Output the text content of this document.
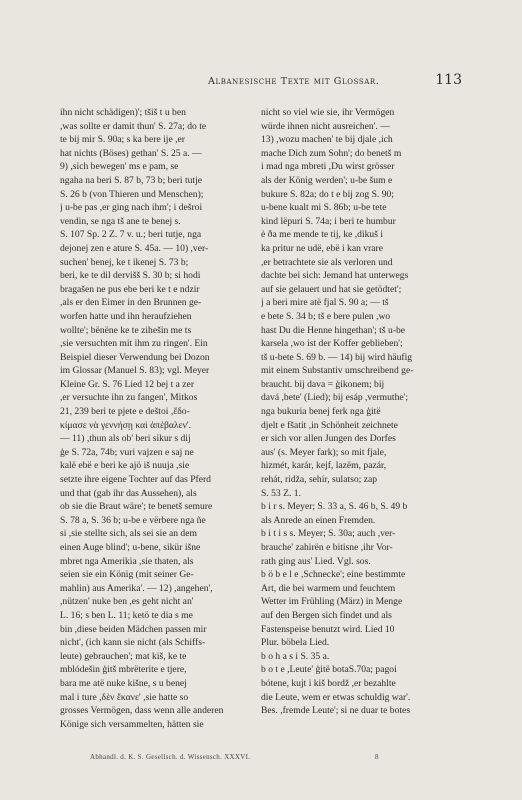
Albanesische Texte mit Glossar.	113
ihn nicht schädigen)'; tšiš t u ben
,was sollte er damit thun' S. 27a; do te
te bij mir S. 90a; s ka bere ije ,er
hat nichts (Böses) gethan' S. 25 a. —
9) ,sich bewegen' ms e pam, se
ngaha na beri S. 87 b, 73 b; beri tutje
S. 26 b (von Thieren und Menschen);
j u-be pas ,er ging nach ihm'; i dešroi
vendin, se nga tš ane te benej s.
S. 107 Sp. 2 Z. 7 v. u.; beri tutje, nga
dejonej zen e ature S. 45a. — 10) ,ver-
suchen' benej, ke t ikenej S. 73 b;
beri, ke te dil dervišš S. 30 b; si hodi
bragašen ne pus ebe beri ke t e ndzir
,als er den Eimer in den Brunnen ge-
worfen hatte und ihn heraufziehen
wollte'; bënëne ke te zihešin me ts
,sie versuchten mit ihm zu ringen'. Ein
Beispiel dieser Verwendung bei Dozon
im Glossar (Manuel S. 83); vgl. Meyer
Kleine Gr. S. 76 Lied 12 bej t a zer
,er versuchte ihn zu fangen', Mitkos
21, 239 beri te pjete e deštoi ,ἔδο-
κίμασε νὰ γεννήσῃ καὶ ἀπέβαλεν'.
— 11) ,thun als ob' beri sikur s dij
ģe S. 72a, 74b; vuri vajzen e saj ne
kalë ebë e beri ke ajö iš nuuja ,sie
setzte ihre eigene Tochter auf das Pferd
und that (gab ihr das Aussehen), als
ob sie die Braut wäre'; te benetš semure
S. 78 a, S. 36 b; u-be e vërbere nga ñe
si ,sie stellte sich, als sei sie an dem
einen Auge blind'; u-bene, sikür išne
mbret nga Amerikia ,sie thaten, als
seien sie ein König (mit seiner Ge-
mahlin) aus Amerika'. — 12) ,angehen',
,nützen' nuke ben ,es geht nicht an'
L. 16; s ben L. 11; ketö te dia s me
bin ,diese beiden Mädchen passen mir
nicht', (ich kann sie nicht (als Schiffs-
leute) gebrauchen'; mat kiš, ke te
mblódešin ģitš mbrëterite e tjere,
bara me atë nuke kišne, s u benej
mal i ture ,δὲν ἔκανε' ,sie hatte so
grosses Vermögen, dass wenn alle anderen
Könige sich versammelten, hätten sie
nicht so viel wie sie, ihr Vermögen
würde ihnen nicht ausreichen'. —
13) ,wozu machen' te bij djale ,ich
mache Dich zum Sohn'; do benetš m
i mad nga mbreti ,Du wirst grösser
als der König werden'; u-be šum e
bukure S. 82a; do t e bij zog S. 90;
u-bene kualt mi S. 86b; u-be tete
kind lëpuri S. 74a; i beri te humbur
è ða me mende te tij, ke ,dikuš i
ka pritur ne udë, ebë i kan vrare
,er betrachtete sie als verloren und
dachte bei sich: Jemand hat unterwegs
auf sie gelauert und hat sie getödtet';
j a beri mire atë fjal S. 90 a; — tš
e bete S. 34 b; tš e bere pulen ,wo
hast Du die Henne hingethan'; tš u-be
karsela ,wo ist der Koffer geblieben';
tš u-bete S. 69 b. — 14) bij wird häufig
mit einem Substantiv umschreibend ge-
braucht. bij dava = ģikonem; bij
davá ,bete' (Lied); bij esáp ,vermuthe';
nga bukuria benej ferk nga ģitë
djelt e fšatit ,in Schönheit zeichnete
er sich vor allen Jungen des Dorfes
aus' (s. Meyer fark); so mit fjale,
hizmét, karár, kejf, lazëm, pazár,
rehát, ridža, sehír, sulatso; zap
S. 53 Z. 1.
b i r s. Meyer; S. 33 a, S. 46 b, S. 49 b
als Anrede an einen Fremden.
b i t i s s. Meyer; S. 30a; auch ,ver-
brauche' zahirën e bitisne ,ihr Vor-
rath ging aus' Lied. Vgl. sos.
b ö b e l e ,Schnecke'; eine bestimmte
Art, die bei warmem und feuchtem
Wetter im Frühling (März) in Menge
auf den Bergen sich findet und als
Fastenspeise benutzt wird. Lied 10
Plur. böbela Lied.
b o h a s i S. 35 a.
b o t e ,Leute' ģitë botaS.70a; pagoi
bótene, kujt i kiš bordž ,er bezahlte
die Leute, wem er etwas schuldig war'.
Bes. ,fremde Leute'; si ne duar te botes
Abhandl. d. K. S. Gesellsch. d. Wissensch. XXXVI.	8
